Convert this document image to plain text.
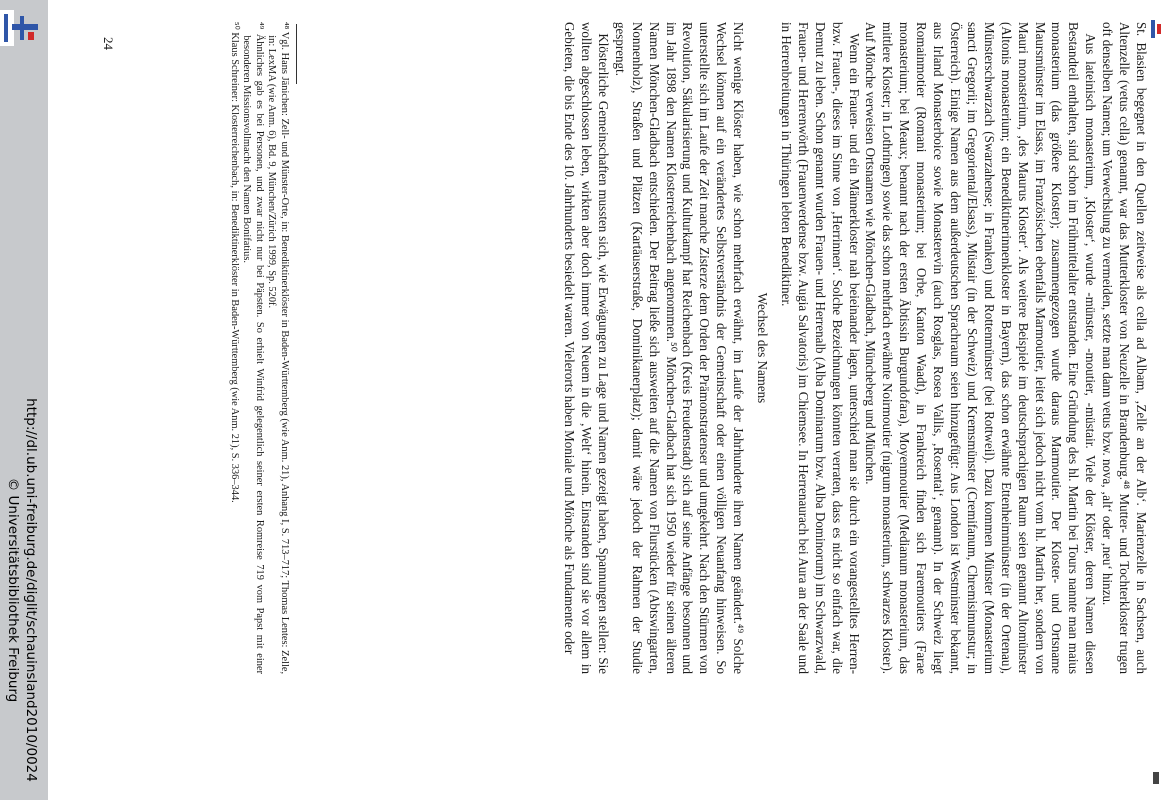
http://dl.ub.uni-freiburg.de/diglit/schauinsland2010/0024
© Universitätsbibliothek Freiburg	St. Blasien begegnet in den Quellen zeitweise als cella ad Albam, ‚Zelle an der Alb‘. Marienzelle in Sachsen, auch Altenzelle (vetus cella) genannt, war das Mutterkloster von Neuzelle in Brandenburg.⁴⁸ Mutter- und Tochterkloster trugen oft denselben Namen; um Verwechslung zu vermeiden, setzte man dann vetus bzw. nova, ‚alt‘ oder ‚neu‘ hinzu.

Aus lateinisch monasterium, ‚Kloster‘, wurde -münster, -moutier, -müstair. Viele der Klöster, deren Namen diesen Bestandteil enthalten, sind schon im Frühmittelalter entstanden. Eine Gründung des hl. Martin bei Tours nannte man maius monasterium (das größere Kloster); zusammengezogen wurde daraus Marmoutier. Der Kloster- und Ortsname Maursmünster im Elsass, im Französischen ebenfalls Marmoutier, leitet sich jedoch nicht vom hl. Martin her, sondern von Mauri monasterium, ‚des Maurus Kloster‘. Als weitere Beispiele im deutschsprachigen Raum seien genannt Altomünster (Altonis monasterium; ein Benediktinerinnenkloster in Bayern), das schon erwähnte Ettenheimmünster (in der Ortenau), Münsterschwarzach (Swarzahense; in Franken) und Rottenmünster (bei Rottweil). Dazu kommen Münster (Monasterium sancti Gregorii; im Gregoriental/Elsass), Müstair (in der Schweiz) und Kremsmünster (Cremifanum, Chremisimunstur; in Österreich). Einige Namen aus dem außerdeutschen Sprachraum seien hinzugefügt: Aus London ist Westminster bekannt, aus Irland Monasterboice sowie Monasterevin (auch Rosglas, Rosea Vallis, ‚Rosental‘, genannt). In der Schweiz liegt Romainmotier (Romani monasterium; bei Orbe, Kanton Waadt), in Frankreich finden sich Faremoutiers (Farae monasterium; bei Meaux; benannt nach der ersten Äbtissin Burgundofara), Moyenmoutier (Medianum monasterium, das mittlere Kloster; in Lothringen) sowie das schon mehrfach erwähnte Noirmoutier (nigrum monasterium, schwarzes Kloster). Auf Mönche verweisen Ortsnamen wie Mönchen-Gladbach, Müncheberg und München.

Wenn ein Frauen- und ein Männerkloster nah beieinander lagen, unterschied man sie durch ein vorangestelltes Herren- bzw. Frauen-, dieses im Sinne von ‚Herrinnen‘. Solche Bezeichnungen könnten verraten, dass es nicht so einfach war, die Demut zu leben. Schon genannt wurden Frauen- und Herrenalb (Alba Dominarum bzw. Alba Dominorum) im Schwarzwald, Frauen- und Herrenwörth (Frauenwerdense bzw. Augia Salvatoris) im Chiemsee. In Herrenaurach bei Aura an der Saale und in Herrenbreitungen in Thüringen lebten Benediktiner.

Wechsel des Namens

Nicht wenige Klöster haben, wie schon mehrfach erwähnt, im Laufe der Jahrhunderte ihren Namen geändert.⁴⁹ Solche Wechsel können auf ein verändertes Selbstverständnis der Gemeinschaft oder einen völligen Neuanfang hinweisen. So unterstellte sich im Laufe der Zeit manche Zisterze dem Orden der Prämonstratenser und umgekehrt. Nach den Stürmen von Revolution, Säkularisierung und Kulturkampf hat Reichenbach (Kreis Freudenstadt) sich auf seine Anfänge besonnen und im Jahr 1898 den Namen Klosterreichenbach angenommen.⁵⁰ Mönchen-Gladbach hat sich 1950 wieder für seinen älteren Namen Mönchen-Gladbach entschieden. Der Beitrag ließe sich ausweiten auf die Namen von Flurstücken (Abtswingarten, Nonnenholz), Straßen und Plätzen (Kartäuserstraße, Dominikanerplatz); damit wäre jedoch der Rahmen der Studie gesprengt.

Klösterliche Gemeinschaften mussten sich, wie Erwägungen zu Lage und Namen gezeigt haben, Spannungen stellen: Sie wollten abgeschlossen leben, wirkten aber doch immer von Neuem in die ‚Welt‘ hinein. Einstanden sind sie vor allem in Gebieten, die bis Ende des 10. Jahrhunderts besiedelt waren. Vielerorts haben Moniale und Mönche als Fundamente oder

⁴⁸ Vgl. Hans Jänichen: Zell- und Münster-Orte, in: Benediktinerklöster in Baden-Württemberg (wie Anm. 21), Anhang I, S. 713–717; Thomas Lentes: Zelle, in: LexMA (wie Anm. 6), Bd. 9, München/Zürich 1999, Sp. 520f.

⁴⁹ Ähnliches gab es bei Personen, und zwar nicht nur bei Päpsten. So erhielt Winfrid gelegentlich seiner ersten Romreise 719 vom Papst mit einer besonderen Missionsvollmacht den Namen Bonifatius.

⁵⁰ Klaus Schreiner: Klosterreichenbach, in: Benediktinerklöster in Baden-Württemberg (wie Anm. 21), S. 336–344.

24
